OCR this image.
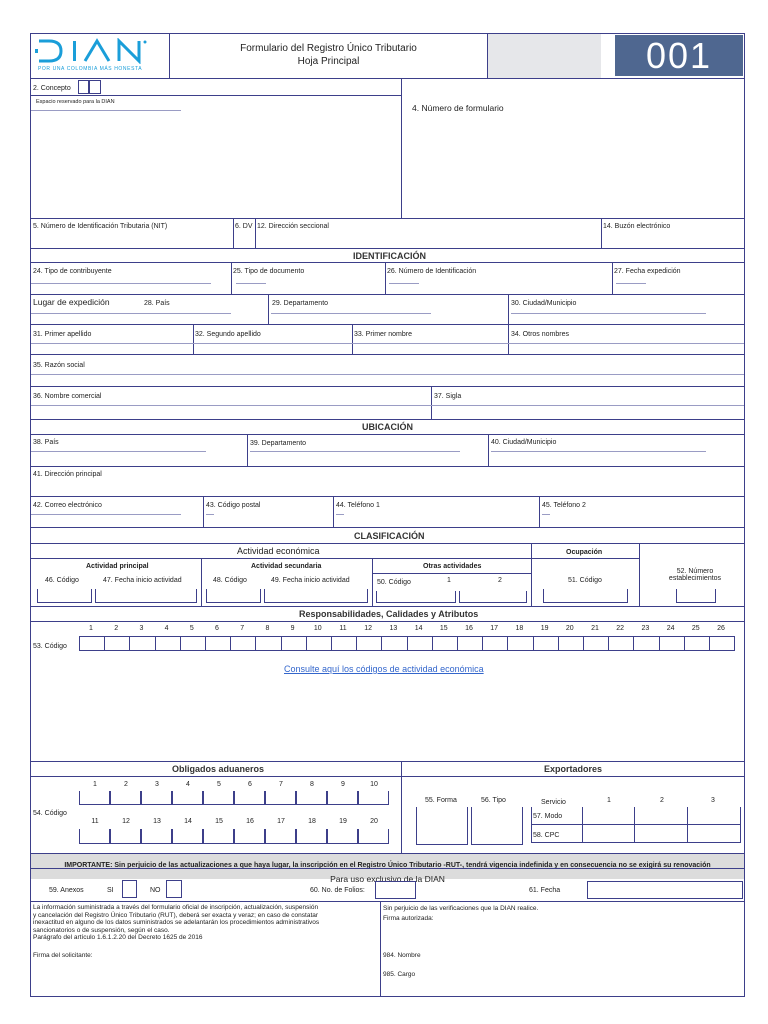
POR UNA COLOMBIA MÁS HONESTA
Formulario del Registro Único Tributario
Hoja Principal	001
2. Concepto
Espacio reservado para la DIAN
4. Número de formulario
5. Número de Identificación Tributaria (NIT)	6. DV 12. Dirección seccional	14. Buzón electrónico
IDENTIFICACIÓN
24. Tipo de contribuyente	25. Tipo de documento	26. Número de Identificación	27. Fecha expedición
Lugar de expedición	28. País	29. Departamento	30. Ciudad/Municipio
31. Primer apellido	32. Segundo apellido	33. Primer nombre	34. Otros nombres
35. Razón social
36. Nombre comercial	37. Sigla
UBICACIÓN
38. País	39. Departamento	40. Ciudad/Municipio
41. Dirección principal
42. Correo electrónico	43. Código postal	44. Teléfono 1	45. Teléfono 2
CLASIFICACIÓN
Actividad económica	Ocupación
Actividad principal	Actividad secundaria	Otras actividades
46. Código	47. Fecha inicio actividad	48. Código	49. Fecha inicio actividad	50. Código	1	2	51. Código
52. Número
establecimientos
Responsabilidades, Calidades y Atributos
1	2	3	4	5	6	7	8	9	10	11	12	13	14	15	16	17	18	19	20	21	22	23	24	25	26
53. Código
Consulte aquí los códigos de actividad económica
Obligados aduaneros	Exportadores
1	2	3	4	5	6	7	8	9	10
54. Código
11	12	13	14	15	16	17	18	19	20
55. Forma	56. Tipo	Servicio	1	2	3
57. Modo
58. CPC
IMPORTANTE: Sin perjuicio de las actualizaciones a que haya lugar, la inscripción en el Registro Único Tributario -RUT-, tendrá vigencia indefinida y en consecuencia no se exigirá su renovación
Para uso exclusivo de la DIAN
59. Anexos	SI	NO	60. No. de Folios:	61. Fecha
La información suministrada a través del formulario oficial de inscripción, actualización, suspensión
y cancelación del Registro Único Tributario (RUT), deberá ser exacta y veraz; en caso de constatar
inexactitud en alguno de los datos suministrados se adelantarán los procedimientos administrativos
sancionatorios o de suspensión, según el caso.
Parágrafo del artículo 1.6.1.2.20 del Decreto 1625 de 2016
Firma del solicitante:
Sin perjuicio de las verificaciones que la DIAN realice.
Firma autorizada:
984. Nombre
985. Cargo
